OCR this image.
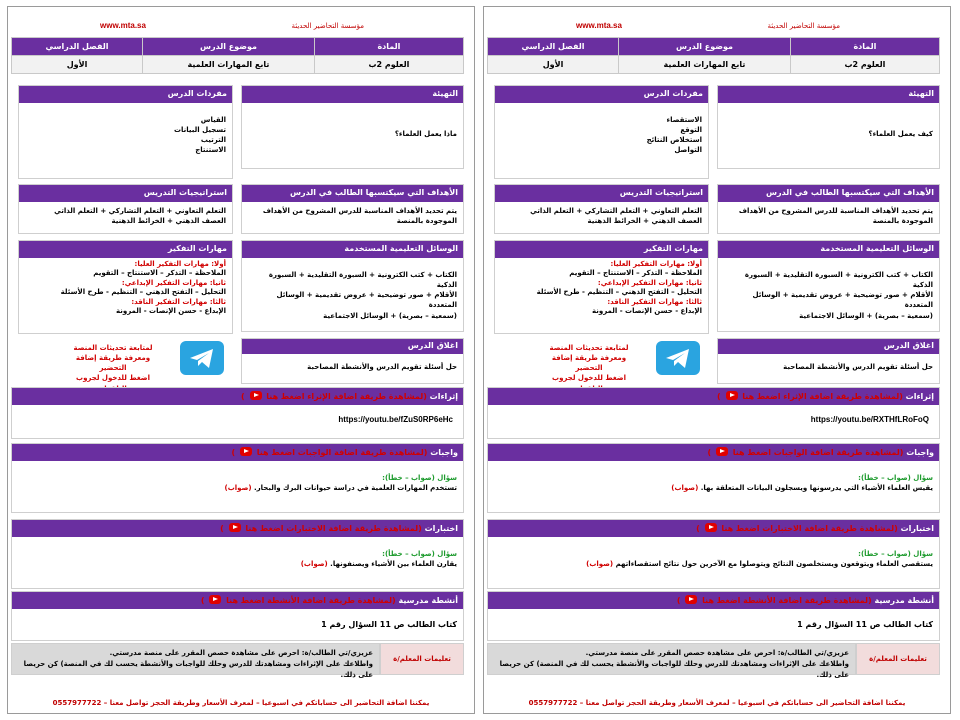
www.mta.sa	مؤسسة التحاضير الحديثة
المادة	موضوع الدرس	الفصل الدراسي
العلوم 2ب	تابع المهارات العلمية	الأول
التهيئة
كيف يعمل العلماء؟
مفردات الدرس
الاستقصاء
التوقع
استخلاص النتائج
التواصل
الأهداف التي سيكتسبها الطالب في الدرس
يتم تحديد الأهداف المناسبة للدرس المشروح من الأهداف الموجودة بالمنصة
استراتيجيات التدريس
التعلم التعاوني + التعلم التشاركي + التعلم الذاتي
العصف الذهني + الخرائط الذهنية
الوسائل التعليمية المستخدمة
الكتاب + كتب الكترونية + السبورة التقليدية + السبورة الذكية
الأقلام + صور توضيحية + عروض تقديمية + الوسائل المتعددة
(سمعية – بصرية) + الوسائل الاجتماعية
مهارات التفكير
أولا: مهارات التفكير العليا:
الملاحظة – التذكر – الاستنتاج – التقويم
ثانيا: مهارات التفكير الإبداعي:
التحليل – التفتح الذهني – التنظيم - طرح الأسئلة
ثالثا: مهارات التفكير الناقد:
الإبداع - حسن الإنصات - المرونة
اغلاق الدرس
حل أسئلة تقويم الدرس والأنشطة المصاحبة
لمتابعة تحديثات المنصة
ومعرفة طريقة إضافة التحضير
اضغط للدخول لجروب
إثراءات (لمشاهدة طريقة اضافة الإثراء اضغط هنا  )
https://youtu.be/RXTHfLRoFoQ
واجبات (لمشاهدة طريقة اضافة الواجبات اضغط هنا  )
سؤال (صواب – خطأ):
يقيس العلماء الأشياء التي يدرسونها ويسجلون البيانات المتعلقة بها. (صواب)
اختبارات (لمشاهدة طريقة اضافة الاختبارات اضغط هنا  )
سؤال (صواب – خطأ):
يستقصي العلماء ويتوقعون ويستخلصون النتائج ويتوصلوا مع الآخرين حول نتائج استقصاءاتهم (صواب)
أنشطة مدرسية (لمشاهدة طريقة اضافة الأنشطة اضغط هنا  )
كتاب الطالب ص 11 السؤال رقم 1
تعليمات المعلم/ة
عزيزي/تي الطالب/ة: احرص على مشاهدة حصص المقرر على منصة مدرستي.
واطلاعك على الإثراءات ومشاهدتك للدرس وحلك للواجبات والأنشطة يحسب لك في المنصة) كن حريصا على ذلك.
يمكننا اضافة التحاضير الى حساباتكم في اسبوعيا – لمعرف الأسعار وطريقة الحجز تواصل معنا – 0557977722
www.mta.sa	مؤسسة التحاضير الحديثة
المادة	موضوع الدرس	الفصل الدراسي
العلوم 2ب	تابع المهارات العلمية	الأول
التهيئة
ماذا يعمل العلماء؟
مفردات الدرس
القياس
تسجيل البيانات
الترتيب
الاستنتاج
الأهداف التي سيكتسبها الطالب في الدرس
يتم تحديد الأهداف المناسبة للدرس المشروح من الأهداف الموجودة بالمنصة
استراتيجيات التدريس
التعلم التعاوني + التعلم التشاركي + التعلم الذاتي
العصف الذهني + الخرائط الذهنية
الوسائل التعليمية المستخدمة
الكتاب + كتب الكترونية + السبورة التقليدية + السبورة الذكية
الأقلام + صور توضيحية + عروض تقديمية + الوسائل المتعددة
(سمعية – بصرية) + الوسائل الاجتماعية
مهارات التفكير
أولا: مهارات التفكير العليا:
الملاحظة – التذكر – الاستنتاج – التقويم
ثانيا: مهارات التفكير الإبداعي:
التحليل – التفتح الذهني – التنظيم - طرح الأسئلة
ثالثا: مهارات التفكير الناقد:
الإبداع - حسن الإنصات - المرونة
اغلاق الدرس
حل أسئلة تقويم الدرس والأنشطة المصاحبة
لمتابعة تحديثات المنصة
ومعرفة طريقة إضافة التحضير
اضغط للدخول لجروب
إثراءات (لمشاهدة طريقة اضافة الإثراء اضغط هنا  )
https://youtu.be/fZuS0RP6eHc
واجبات (لمشاهدة طريقة اضافة الواجبات اضغط هنا  )
سؤال (صواب – خطأ):
تستخدم المهارات العلمية في دراسة حيوانات البرك والبحار. (صواب)
اختبارات (لمشاهدة طريقة اضافة الاختبارات اضغط هنا  )
سؤال (صواب – خطأ):
يقارن العلماء بين الأشياء ويصنفونها. (صواب)
أنشطة مدرسية (لمشاهدة طريقة اضافة الأنشطة اضغط هنا  )
كتاب الطالب ص 11 السؤال رقم 1
تعليمات المعلم/ة
عزيزي/تي الطالب/ة: احرص على مشاهدة حصص المقرر على منصة مدرستي.
واطلاعك على الإثراءات ومشاهدتك للدرس وحلك للواجبات والأنشطة يحسب لك في المنصة) كن حريصا على ذلك.
يمكننا اضافة التحاضير الى حساباتكم في اسبوعيا – لمعرف الأسعار وطريقة الحجز تواصل معنا – 0557977722
